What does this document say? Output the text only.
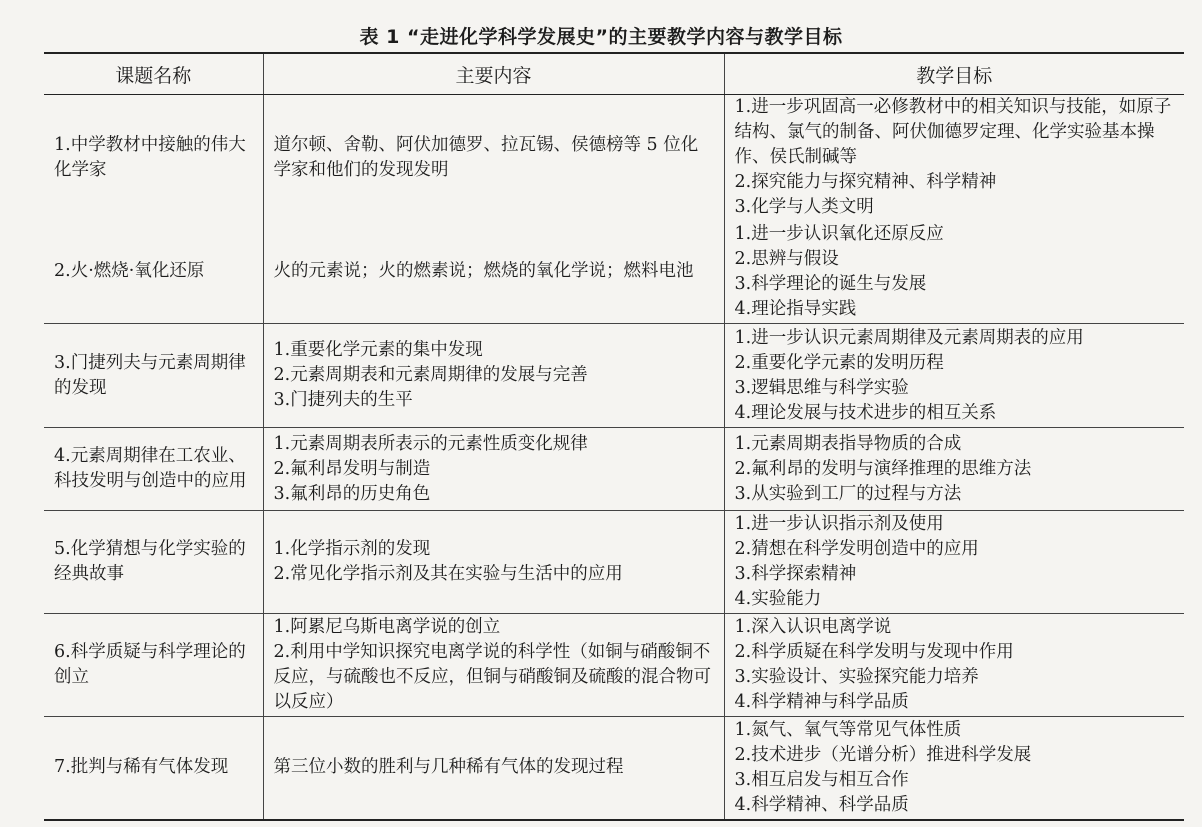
表 1 “走进化学科学发展史”的主要教学内容与教学目标
课题名称	主要内容	教学目标

1.中学教材中接触的伟大化学家	道尔顿、舍勒、阿伏加德罗、拉瓦锡、侯德榜等 5 位化学家和他们的发现发明	1.进一步巩固高一必修教材中的相关知识与技能，如原子结构、氯气的制备、阿伏伽德罗定理、化学实验基本操作、侯氏制碱等
2.探究能力与探究精神、科学精神
3.化学与人类文明

2.火·燃烧·氧化还原	火的元素说；火的燃素说；燃烧的氧化学说；燃料电池	1.进一步认识氧化还原反应
2.思辨与假设
3.科学理论的诞生与发展
4.理论指导实践

3.门捷列夫与元素周期律的发现	1.重要化学元素的集中发现
2.元素周期表和元素周期律的发展与完善
3.门捷列夫的生平	1.进一步认识元素周期律及元素周期表的应用
2.重要化学元素的发明历程
3.逻辑思维与科学实验
4.理论发展与技术进步的相互关系

4.元素周期律在工农业、科技发明与创造中的应用	1.元素周期表所表示的元素性质变化规律
2.氟利昂发明与制造
3.氟利昂的历史角色	1.元素周期表指导物质的合成
2.氟利昂的发明与演绎推理的思维方法
3.从实验到工厂的过程与方法

5.化学猜想与化学实验的经典故事	1.化学指示剂的发现
2.常见化学指示剂及其在实验与生活中的应用	1.进一步认识指示剂及使用
2.猜想在科学发明创造中的应用
3.科学探索精神
4.实验能力

6.科学质疑与科学理论的创立	1.阿累尼乌斯电离学说的创立
2.利用中学知识探究电离学说的科学性（如铜与硝酸铜不反应，与硫酸也不反应，但铜与硝酸铜及硫酸的混合物可以反应）	1.深入认识电离学说
2.科学质疑在科学发明与发现中作用
3.实验设计、实验探究能力培养
4.科学精神与科学品质

7.批判与稀有气体发现	第三位小数的胜利与几种稀有气体的发现过程	1.氮气、氧气等常见气体性质
2.技术进步（光谱分析）推进科学发展
3.相互启发与相互合作
4.科学精神、科学品质
